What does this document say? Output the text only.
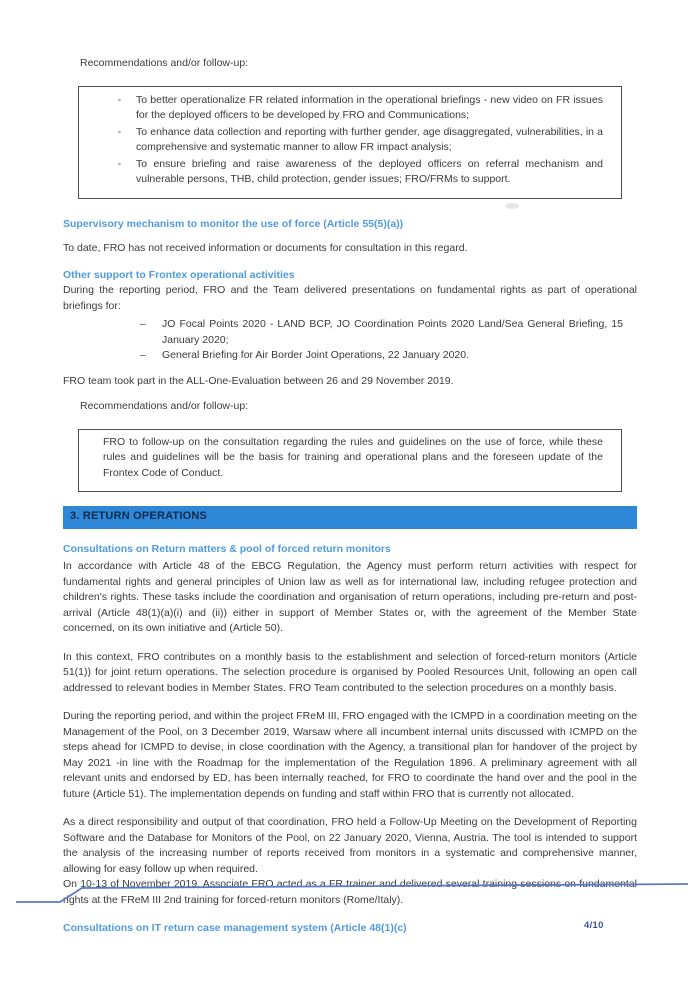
Recommendations and/or follow-up:
-	To better operationalize FR related information in the operational briefings - new video on FR issues for the deployed officers to be developed by FRO and Communications;
-	To enhance data collection and reporting with further gender, age disaggregated, vulnerabilities, in a comprehensive and systematic manner to allow FR impact analysis;
-	To ensure briefing and raise awareness of the deployed officers on referral mechanism and vulnerable persons, THB, child protection, gender issues; FRO/FRMs to support.
Supervisory mechanism to monitor the use of force (Article 55(5)(a))
To date, FRO has not received information or documents for consultation in this regard.
Other support to Frontex operational activities
During the reporting period, FRO and the Team delivered presentations on fundamental rights as part of operational briefings for:
–	JO Focal Points 2020 - LAND BCP, JO Coordination Points 2020 Land/Sea General Briefing, 15 January 2020;
–	General Briefing for Air Border Joint Operations, 22 January 2020.
FRO team took part in the ALL-One-Evaluation between 26 and 29 November 2019.
Recommendations and/or follow-up:
FRO to follow-up on the consultation regarding the rules and guidelines on the use of force, while these rules and guidelines will be the basis for training and operational plans and the foreseen update of the Frontex Code of Conduct.
3. RETURN OPERATIONS
Consultations on Return matters & pool of forced return monitors
In accordance with Article 48 of the EBCG Regulation, the Agency must perform return activities with respect for fundamental rights and general principles of Union law as well as for international law, including refugee protection and children's rights. These tasks include the coordination and organisation of return operations, including pre-return and post-arrival (Article 48(1)(a)(i) and (ii)) either in support of Member States or, with the agreement of the Member State concerned, on its own initiative and (Article 50).
In this context, FRO contributes on a monthly basis to the establishment and selection of forced-return monitors (Article 51(1)) for joint return operations. The selection procedure is organised by Pooled Resources Unit, following an open call addressed to relevant bodies in Member States. FRO Team contributed to the selection procedures on a monthly basis.
During the reporting period, and within the project FReM III, FRO engaged with the ICMPD in a coordination meeting on the Management of the Pool, on 3 December 2019, Warsaw where all incumbent internal units discussed with ICMPD on the steps ahead for ICMPD to devise, in close coordination with the Agency, a transitional plan for handover of the project by May 2021 -in line with the Roadmap for the implementation of the Regulation 1896. A preliminary agreement with all relevant units and endorsed by ED, has been internally reached, for FRO to coordinate the hand over and the pool in the future (Article 51). The implementation depends on funding and staff within FRO that is currently not allocated.
As a direct responsibility and output of that coordination, FRO held a Follow-Up Meeting on the Development of Reporting Software and the Database for Monitors of the Pool, on 22 January 2020, Vienna, Austria. The tool is intended to support the analysis of the increasing number of reports received from monitors in a systematic and comprehensive manner, allowing for easy follow up when required.
On 10-13 of November 2019, Associate FRO acted as a FR trainer and delivered several training sessions on fundamental rights at the FReM III 2nd training for forced-return monitors (Rome/Italy).
Consultations on IT return case management system (Article 48(1)(c)	4/10
